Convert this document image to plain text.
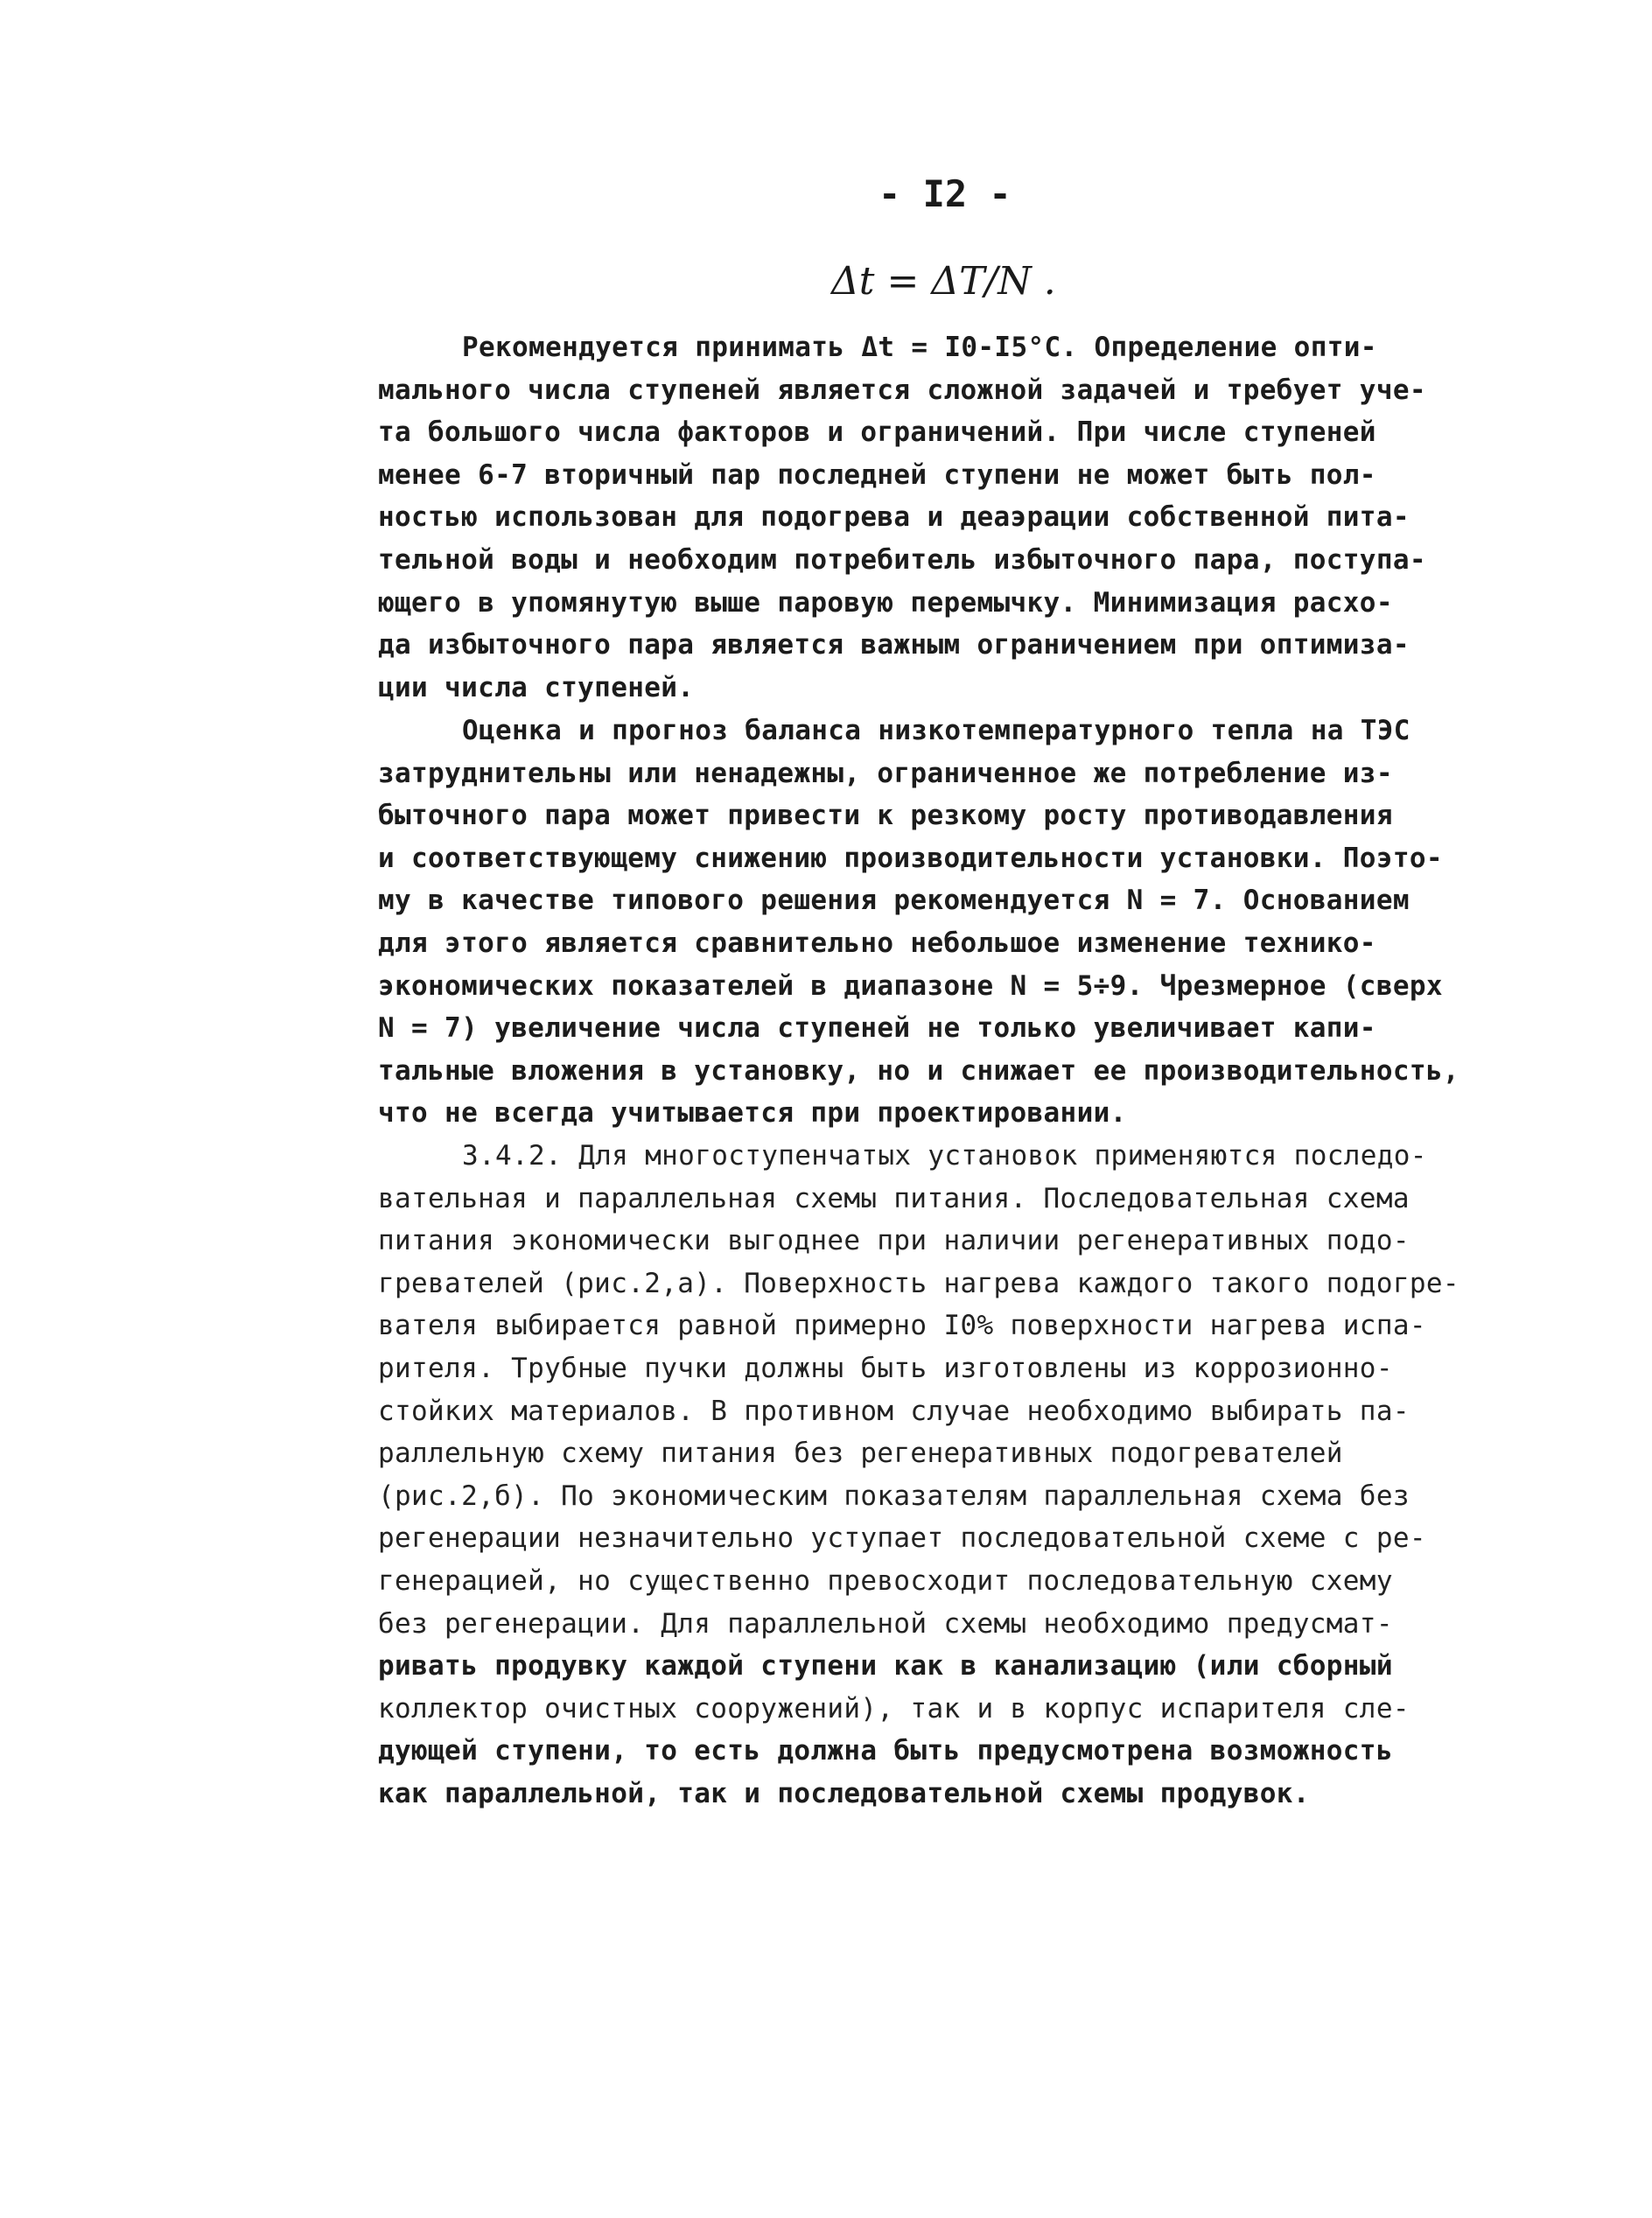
- I2 -
Δt = ΔT/N .
Рекомендуется принимать Δt = I0-I5°С. Определение опти-
мального числа ступеней является сложной задачей и требует уче-
та большого числа факторов и ограничений. При числе ступеней
менее 6-7 вторичный пар последней ступени не может быть пол-
ностью использован для подогрева и деаэрации собственной пита-
тельной воды и необходим потребитель избыточного пара, поступа-
ющего в упомянутую выше паровую перемычку. Минимизация расхо-
да избыточного пара является важным ограничением при оптимиза-
ции числа ступеней.
Оценка и прогноз баланса низкотемпературного тепла на ТЭС
затруднительны или ненадежны, ограниченное же потребление из-
быточного пара может привести к резкому росту противодавления
и соответствующему снижению производительности установки. Поэто-
му в качестве типового решения рекомендуется N = 7. Основанием
для этого является сравнительно небольшое изменение технико-
экономических показателей в диапазоне N = 5÷9. Чрезмерное (сверх
N = 7) увеличение числа ступеней не только увеличивает капи-
тальные вложения в установку, но и снижает ее производительность,
что не всегда учитывается при проектировании.
3.4.2. Для многоступенчатых установок применяются последо-
вательная и параллельная схемы питания. Последовательная схема
питания экономически выгоднее при наличии регенеративных подо-
гревателей (рис.2,а). Поверхность нагрева каждого такого подогре-
вателя выбирается равной примерно I0% поверхности нагрева испа-
рителя. Трубные пучки должны быть изготовлены из коррозионно-
стойких материалов. В противном случае необходимо выбирать па-
раллельную схему питания без регенеративных подогревателей
(рис.2,б). По экономическим показателям параллельная схема без
регенерации незначительно уступает последовательной схеме с ре-
генерацией, но существенно превосходит последовательную схему
без регенерации. Для параллельной схемы необходимо предусмат-
ривать продувку каждой ступени как в канализацию (или сборный
коллектор очистных сооружений), так и в корпус испарителя сле-
дующей ступени, то есть должна быть предусмотрена возможность
как параллельной, так и последовательной схемы продувок.
